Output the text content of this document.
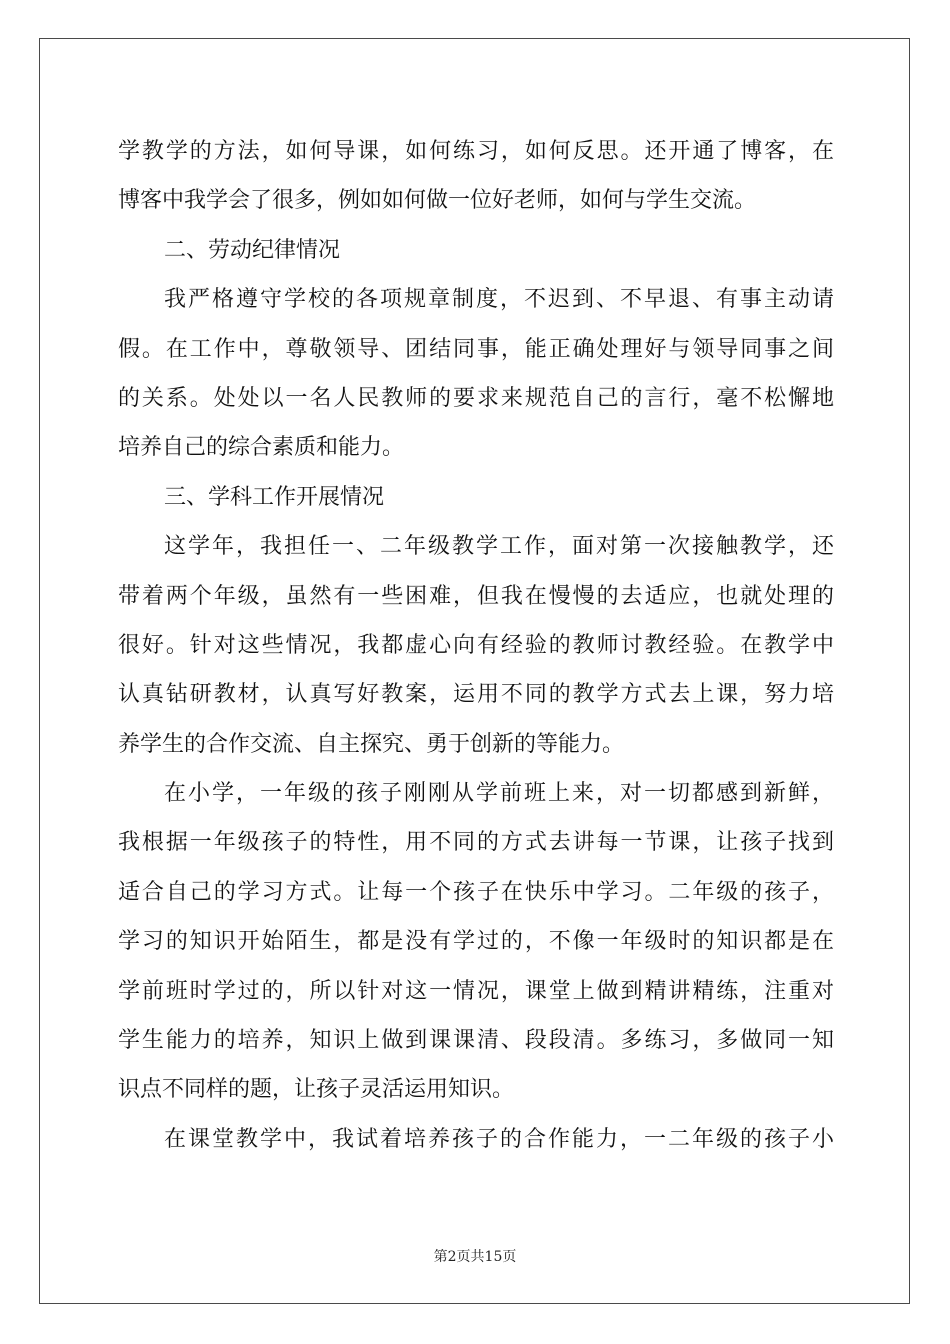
学教学的方法，如何导课，如何练习，如何反思。还开通了博客，在
博客中我学会了很多，例如如何做一位好老师，如何与学生交流。
二、劳动纪律情况
我严格遵守学校的各项规章制度，不迟到、不早退、有事主动请
假。在工作中，尊敬领导、团结同事，能正确处理好与领导同事之间
的关系。处处以一名人民教师的要求来规范自己的言行，毫不松懈地
培养自己的综合素质和能力。
三、学科工作开展情况
这学年，我担任一、二年级教学工作，面对第一次接触教学，还
带着两个年级，虽然有一些困难，但我在慢慢的去适应，也就处理的
很好。针对这些情况，我都虚心向有经验的教师讨教经验。在教学中
认真钻研教材，认真写好教案，运用不同的教学方式去上课，努力培
养学生的合作交流、自主探究、勇于创新的等能力。
在小学，一年级的孩子刚刚从学前班上来，对一切都感到新鲜，
我根据一年级孩子的特性，用不同的方式去讲每一节课，让孩子找到
适合自己的学习方式。让每一个孩子在快乐中学习。二年级的孩子，
学习的知识开始陌生，都是没有学过的，不像一年级时的知识都是在
学前班时学过的，所以针对这一情况，课堂上做到精讲精练，注重对
学生能力的培养，知识上做到课课清、段段清。多练习，多做同一知
识点不同样的题，让孩子灵活运用知识。
在课堂教学中，我试着培养孩子的合作能力，一二年级的孩子小
第2页共15页
